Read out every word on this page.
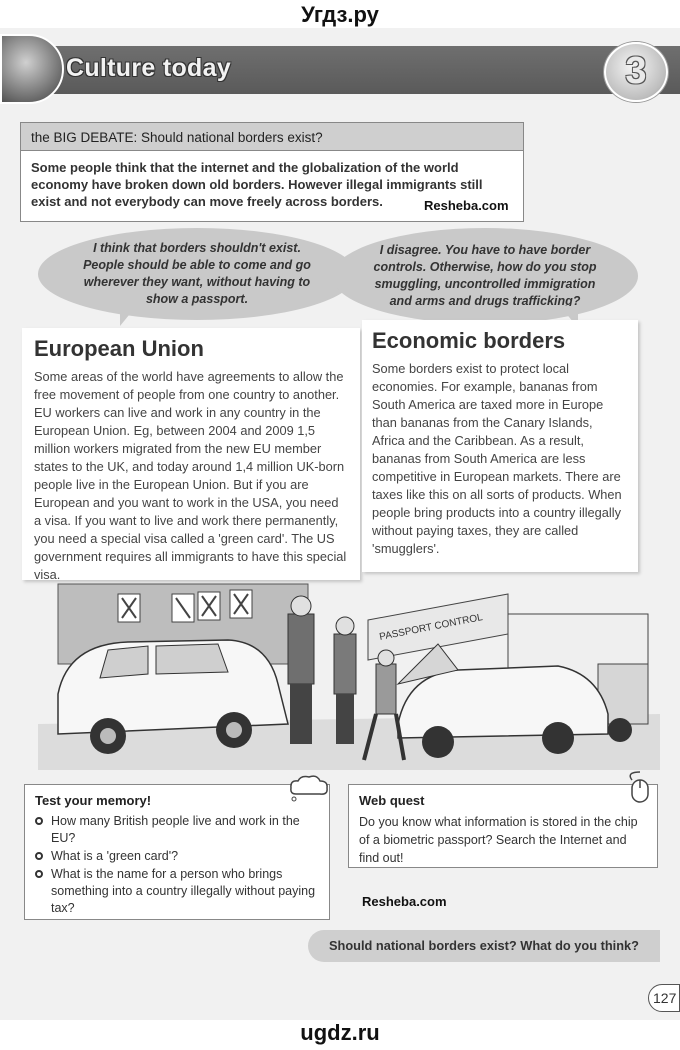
Угдз.ру
Culture today	3
the BIG DEBATE: Should national borders exist?
Some people think that the internet and the globalization of the world economy have broken down old borders. However illegal immigrants still exist and not everybody can move freely across borders.	Resheba.com
I think that borders shouldn't exist. People should be able to come and go wherever they want, without having to show a passport.
I disagree. You have to have border controls. Otherwise, how do you stop smuggling, uncontrolled immigration and arms and drugs trafficking?
European Union

Some areas of the world have agreements to allow the free movement of people from one country to another. EU workers can live and work in any country in the European Union. Eg, between 2004 and 2009 1,5 million workers migrated from the new EU member states to the UK, and today around 1,4 million UK-born people live in the European Union. But if you are European and you want to work in the USA, you need a visa. If you want to live and work there permanently, you need a special visa called a 'green card'. The US government requires all immigrants to have this special visa.

Economic borders

Some borders exist to protect local economies. For example, bananas from South America are taxed more in Europe than bananas from the Canary Islands, Africa and the Caribbean. As a result, bananas from South America are less competitive in European markets. There are taxes like this on all sorts of products. When people bring products into a country illegally without paying taxes, they are called 'smugglers'.

PASSPORT CONTROL
Test your memory!
How many British people live and work in the EU?
What is a 'green card'?
What is the name for a person who brings something into a country illegally without paying tax?
Web quest

Do you know what information is stored in the chip of a biometric passport? Search the Internet and find out!

Resheba.com
Should national borders exist? What do you think?
127
ugdz.ru
